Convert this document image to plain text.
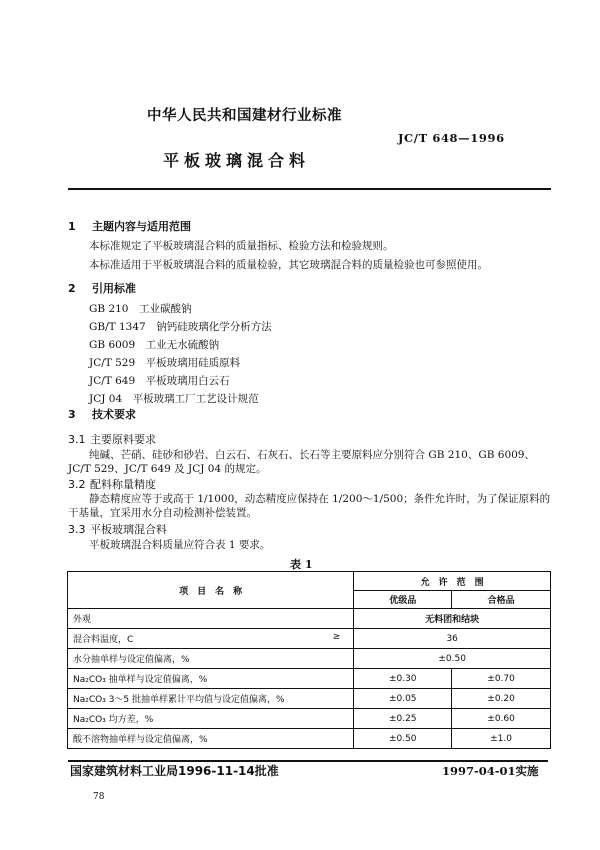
中华人民共和国建材行业标准
JC/T 648—1996
平板玻璃混合料
1 主题内容与适用范围
本标准规定了平板玻璃混合料的质量指标、检验方法和检验规则。
本标准适用于平板玻璃混合料的质量检验，其它玻璃混合料的质量检验也可参照使用。
2 引用标准
GB 210　工业碳酸钠
GB/T 1347　钠钙硅玻璃化学分析方法
GB 6009　工业无水硫酸钠
JC/T 529　平板玻璃用硅质原料
JC/T 649　平板玻璃用白云石
JCJ 04　平板玻璃工厂工艺设计规范
3 技术要求
3.1 主要原料要求
纯碱、芒硝、硅砂和砂岩、白云石、石灰石、长石等主要原料应分别符合 GB 210、GB 6009、JC/T 529、JC/T 649 及 JCJ 04 的规定。
3.2 配料称量精度
静态精度应等于或高于 1/1000，动态精度应保持在 1/200～1/500；条件允许时，为了保证原料的干基量，宜采用水分自动检测补偿装置。
3.3 平板玻璃混合料
平板玻璃混合料质量应符合表 1 要求。
表 1
项　目　名　称	允　许　范　围	
	优级品	合格品
外观	无料团和结块	
混合料温度，C ≥	36	
水分抽单样与设定值偏离，%	±0.50	
Na₂CO₃ 抽单样与设定值偏离，%	±0.30	±0.70
Na₂CO₃ 3～5 批抽单样累计平均值与设定值偏离，%	±0.05	±0.20
Na₂CO₃ 均方差，%	±0.25	±0.60
酸不溶物抽单样与设定值偏离，%	±0.50	±1.0
国家建筑材料工业局1996-11-14批准	1997-04-01实施
78
